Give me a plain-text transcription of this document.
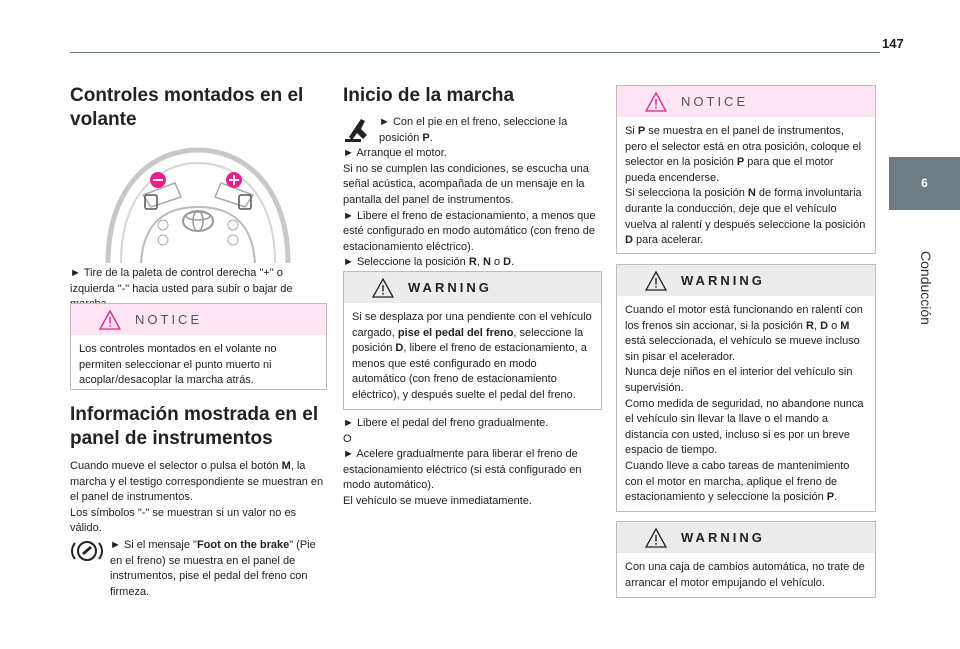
147
6
Conducción
Controles montados en el
volante

► Tire de la paleta de control derecha "+" o izquierda "-" hacia usted para subir o bajar de

NOTICE

Los controles montados en el volante no permiten seleccionar el punto muerto ni acoplar/desacoplar la marcha atrás.

Información mostrada en el
panel de instrumentos

Cuando mueve el selector o pulsa el botón M, la marcha y el testigo correspondiente se muestran en el panel de instrumentos.

Los símbolos "-" se muestran si un valor no es válido.

► Si el mensaje "Foot on the brake" (Pie en el freno) se muestra en el panel de instrumentos, pise el pedal del freno con firmeza.

Inicio de la marcha

► Con el pie en el freno, seleccione la posición P.

► Arranque el motor.

Si no se cumplen las condiciones, se escucha una señal acústica, acompañada de un mensaje en la pantalla del panel de instrumentos.

► Libere el freno de estacionamiento, a menos que esté configurado en modo automático (con freno de estacionamiento eléctrico).

► Seleccione la posición R, N o D.

WARNING

Si se desplaza por una pendiente con el vehículo cargado, pise el pedal del freno, seleccione la posición D, libere el freno de estacionamiento, a menos que esté configurado en modo automático (con freno de estacionamiento eléctrico), y después suelte el pedal del freno.

► Libere el pedal del freno gradualmente.

O

► Acelere gradualmente para liberar el freno de estacionamiento eléctrico (si está configurado en modo automático).

El vehículo se mueve inmediatamente.

NOTICE

Si P se muestra en el panel de instrumentos, pero el selector está en otra posición, coloque el selector en la posición P para que el motor pueda encenderse.

Si selecciona la posición N de forma involuntaria durante la conducción, deje que el vehículo vuelva al ralentí y después seleccione la posición D para acelerar.

WARNING

Cuando el motor está funcionando en ralentí con los frenos sin accionar, si la posición R, D o M está seleccionada, el vehículo se mueve incluso sin pisar el acelerador.

Nunca deje niños en el interior del vehículo sin supervisión.

Como medida de seguridad, no abandone nunca el vehículo sin llevar la llave o el mando a distancia con usted, incluso si es por un breve espacio de tiempo.

Cuando lleve a cabo tareas de mantenimiento con el motor en marcha, aplique el freno de estacionamiento y seleccione la posición P.

WARNING

Con una caja de cambios automática, no trate de arrancar el motor empujando el vehículo.
